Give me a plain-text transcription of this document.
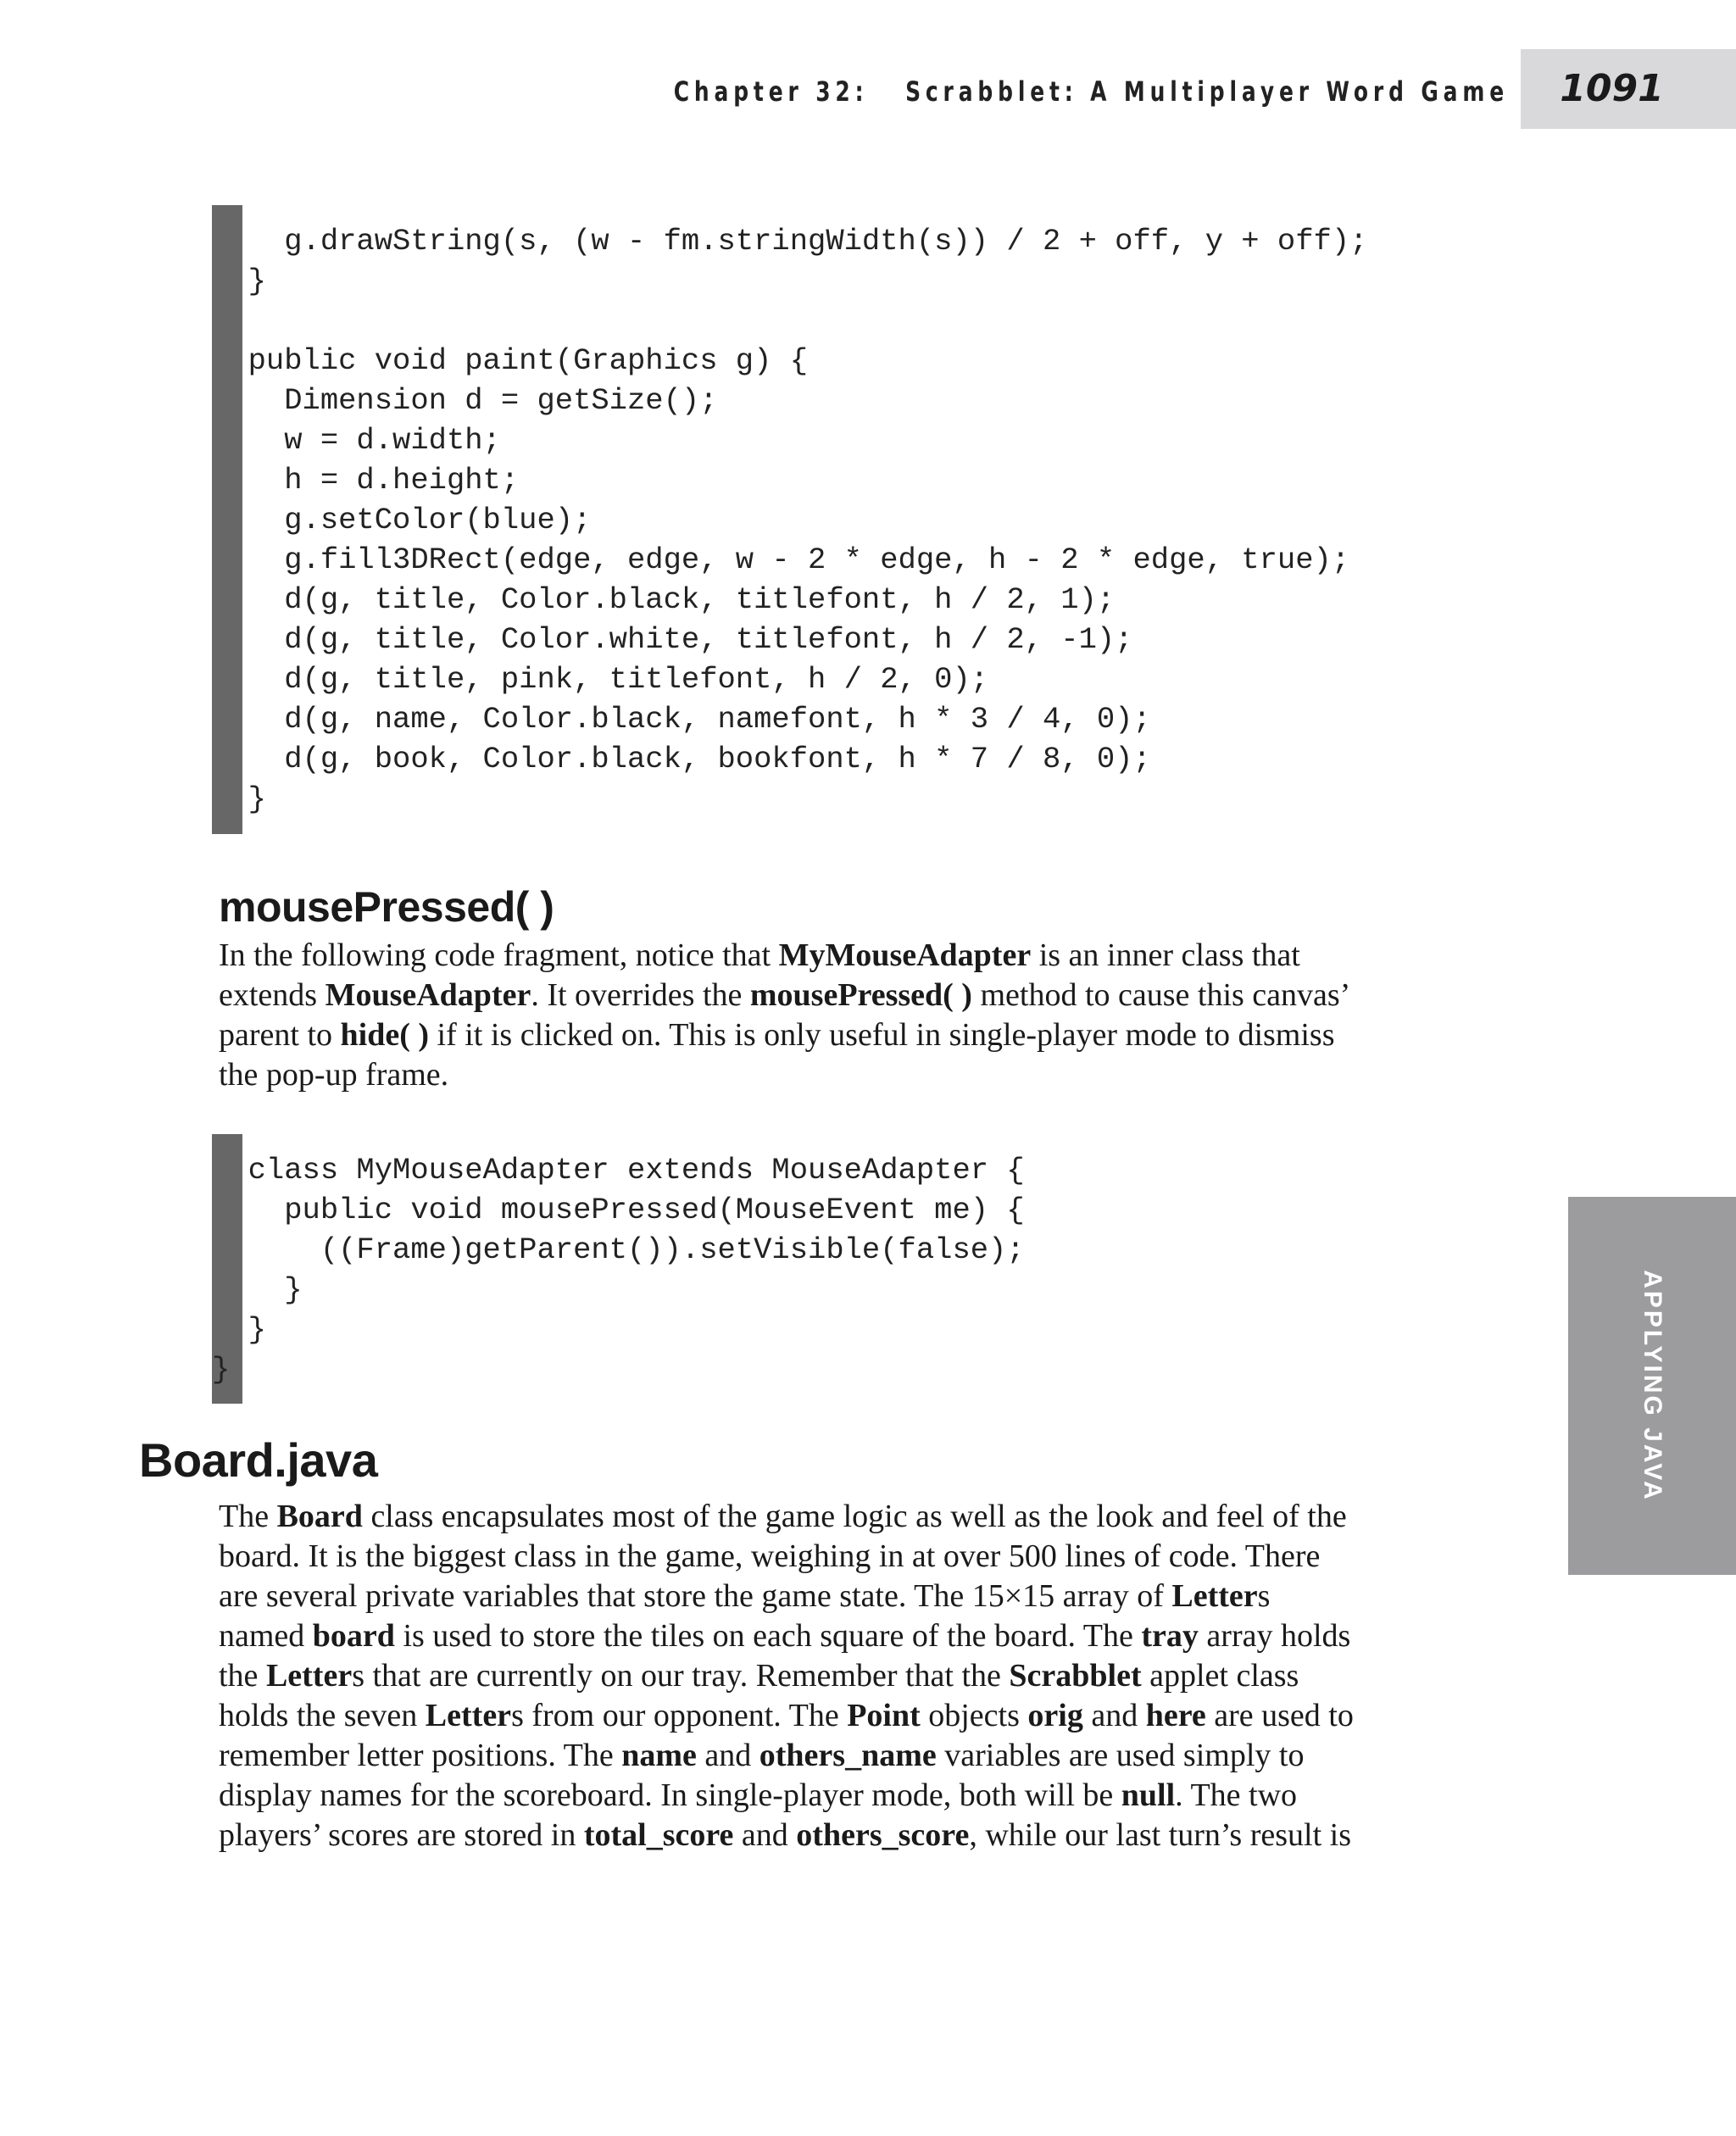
Chapter 32:   Scrabblet: A Multiplayer Word Game	1091
g.drawString(s, (w - fm.stringWidth(s)) / 2 + off, y + off);
}
public void paint(Graphics g) {
Dimension d = getSize();
w = d.width;
h = d.height;
g.setColor(blue);
g.fill3DRect(edge, edge, w - 2 * edge, h - 2 * edge, true);
d(g, title, Color.black, titlefont, h / 2, 1);
d(g, title, Color.white, titlefont, h / 2, -1);
d(g, title, pink, titlefont, h / 2, 0);
d(g, name, Color.black, namefont, h * 3 / 4, 0);
d(g, book, Color.black, bookfont, h * 7 / 8, 0);
}
mousePressed( )
In the following code fragment, notice that MyMouseAdapter is an inner class that
extends MouseAdapter. It overrides the mousePressed( ) method to cause this canvas’
parent to hide( ) if it is clicked on. This is only useful in single-player mode to dismiss
the pop-up frame.
class MyMouseAdapter extends MouseAdapter {
public void mousePressed(MouseEvent me) {
((Frame)getParent()).setVisible(false);
}
}
}
Board.java
The Board class encapsulates most of the game logic as well as the look and feel of the
board. It is the biggest class in the game, weighing in at over 500 lines of code. There
are several private variables that store the game state. The 15×15 array of Letters
named board is used to store the tiles on each square of the board. The tray array holds
the Letters that are currently on our tray. Remember that the Scrabblet applet class
holds the seven Letters from our opponent. The Point objects orig and here are used to
remember letter positions. The name and others_name variables are used simply to
display names for the scoreboard. In single-player mode, both will be null. The two
players’ scores are stored in total_score and others_score, while our last turn’s result is
APPLYING JAVA
